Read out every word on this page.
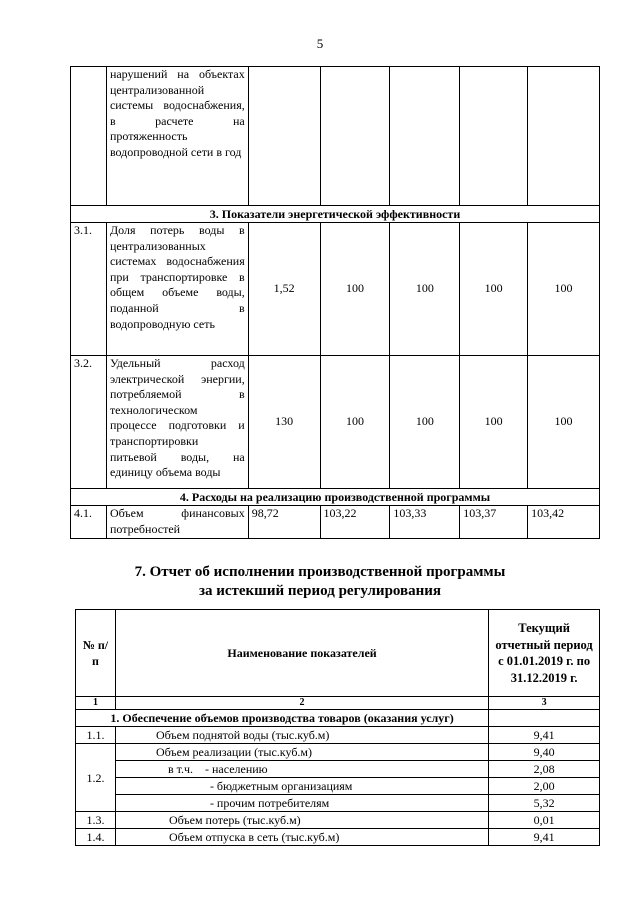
5
	нарушений на объектах централизованной системы водоснабжения, в расчете на протяженность водопроводной сети в год					
3. Показатели энергетической эффективности						
3.1.	Доля потерь воды в централизованных системах водоснабжения при транспортировке в общем объеме воды, поданной в водопроводную сеть	1,52	100	100	100	100
3.2.	Удельный расход электрической энергии, потребляемой в технологическом процессе подготовки и транспортировки питьевой воды, на единицу объема воды	130	100	100	100	100
4. Расходы на реализацию производственной программы						
4.1.	Объем финансовых потребностей	98,72	103,22	103,33	103,37	103,42
7. Отчет об исполнении производственной программы
за истекший период регулирования
№ п/п	Наименование показателей	Текущий отчетный период с 01.01.2019 г. по 31.12.2019 г.
1	2	3
1. Обеспечение объемов производства товаров (оказания услуг)		
1.1.	Объем поднятой воды (тыс.куб.м)	9,41
1.2.	Объем реализации (тыс.куб.м)	9,40
	в т.ч.    - населению	2,08
	- бюджетным организациям	2,00
	- прочим потребителям	5,32
1.3.	Объем потерь (тыс.куб.м)	0,01
1.4.	Объем отпуска в сеть (тыс.куб.м)	9,41
